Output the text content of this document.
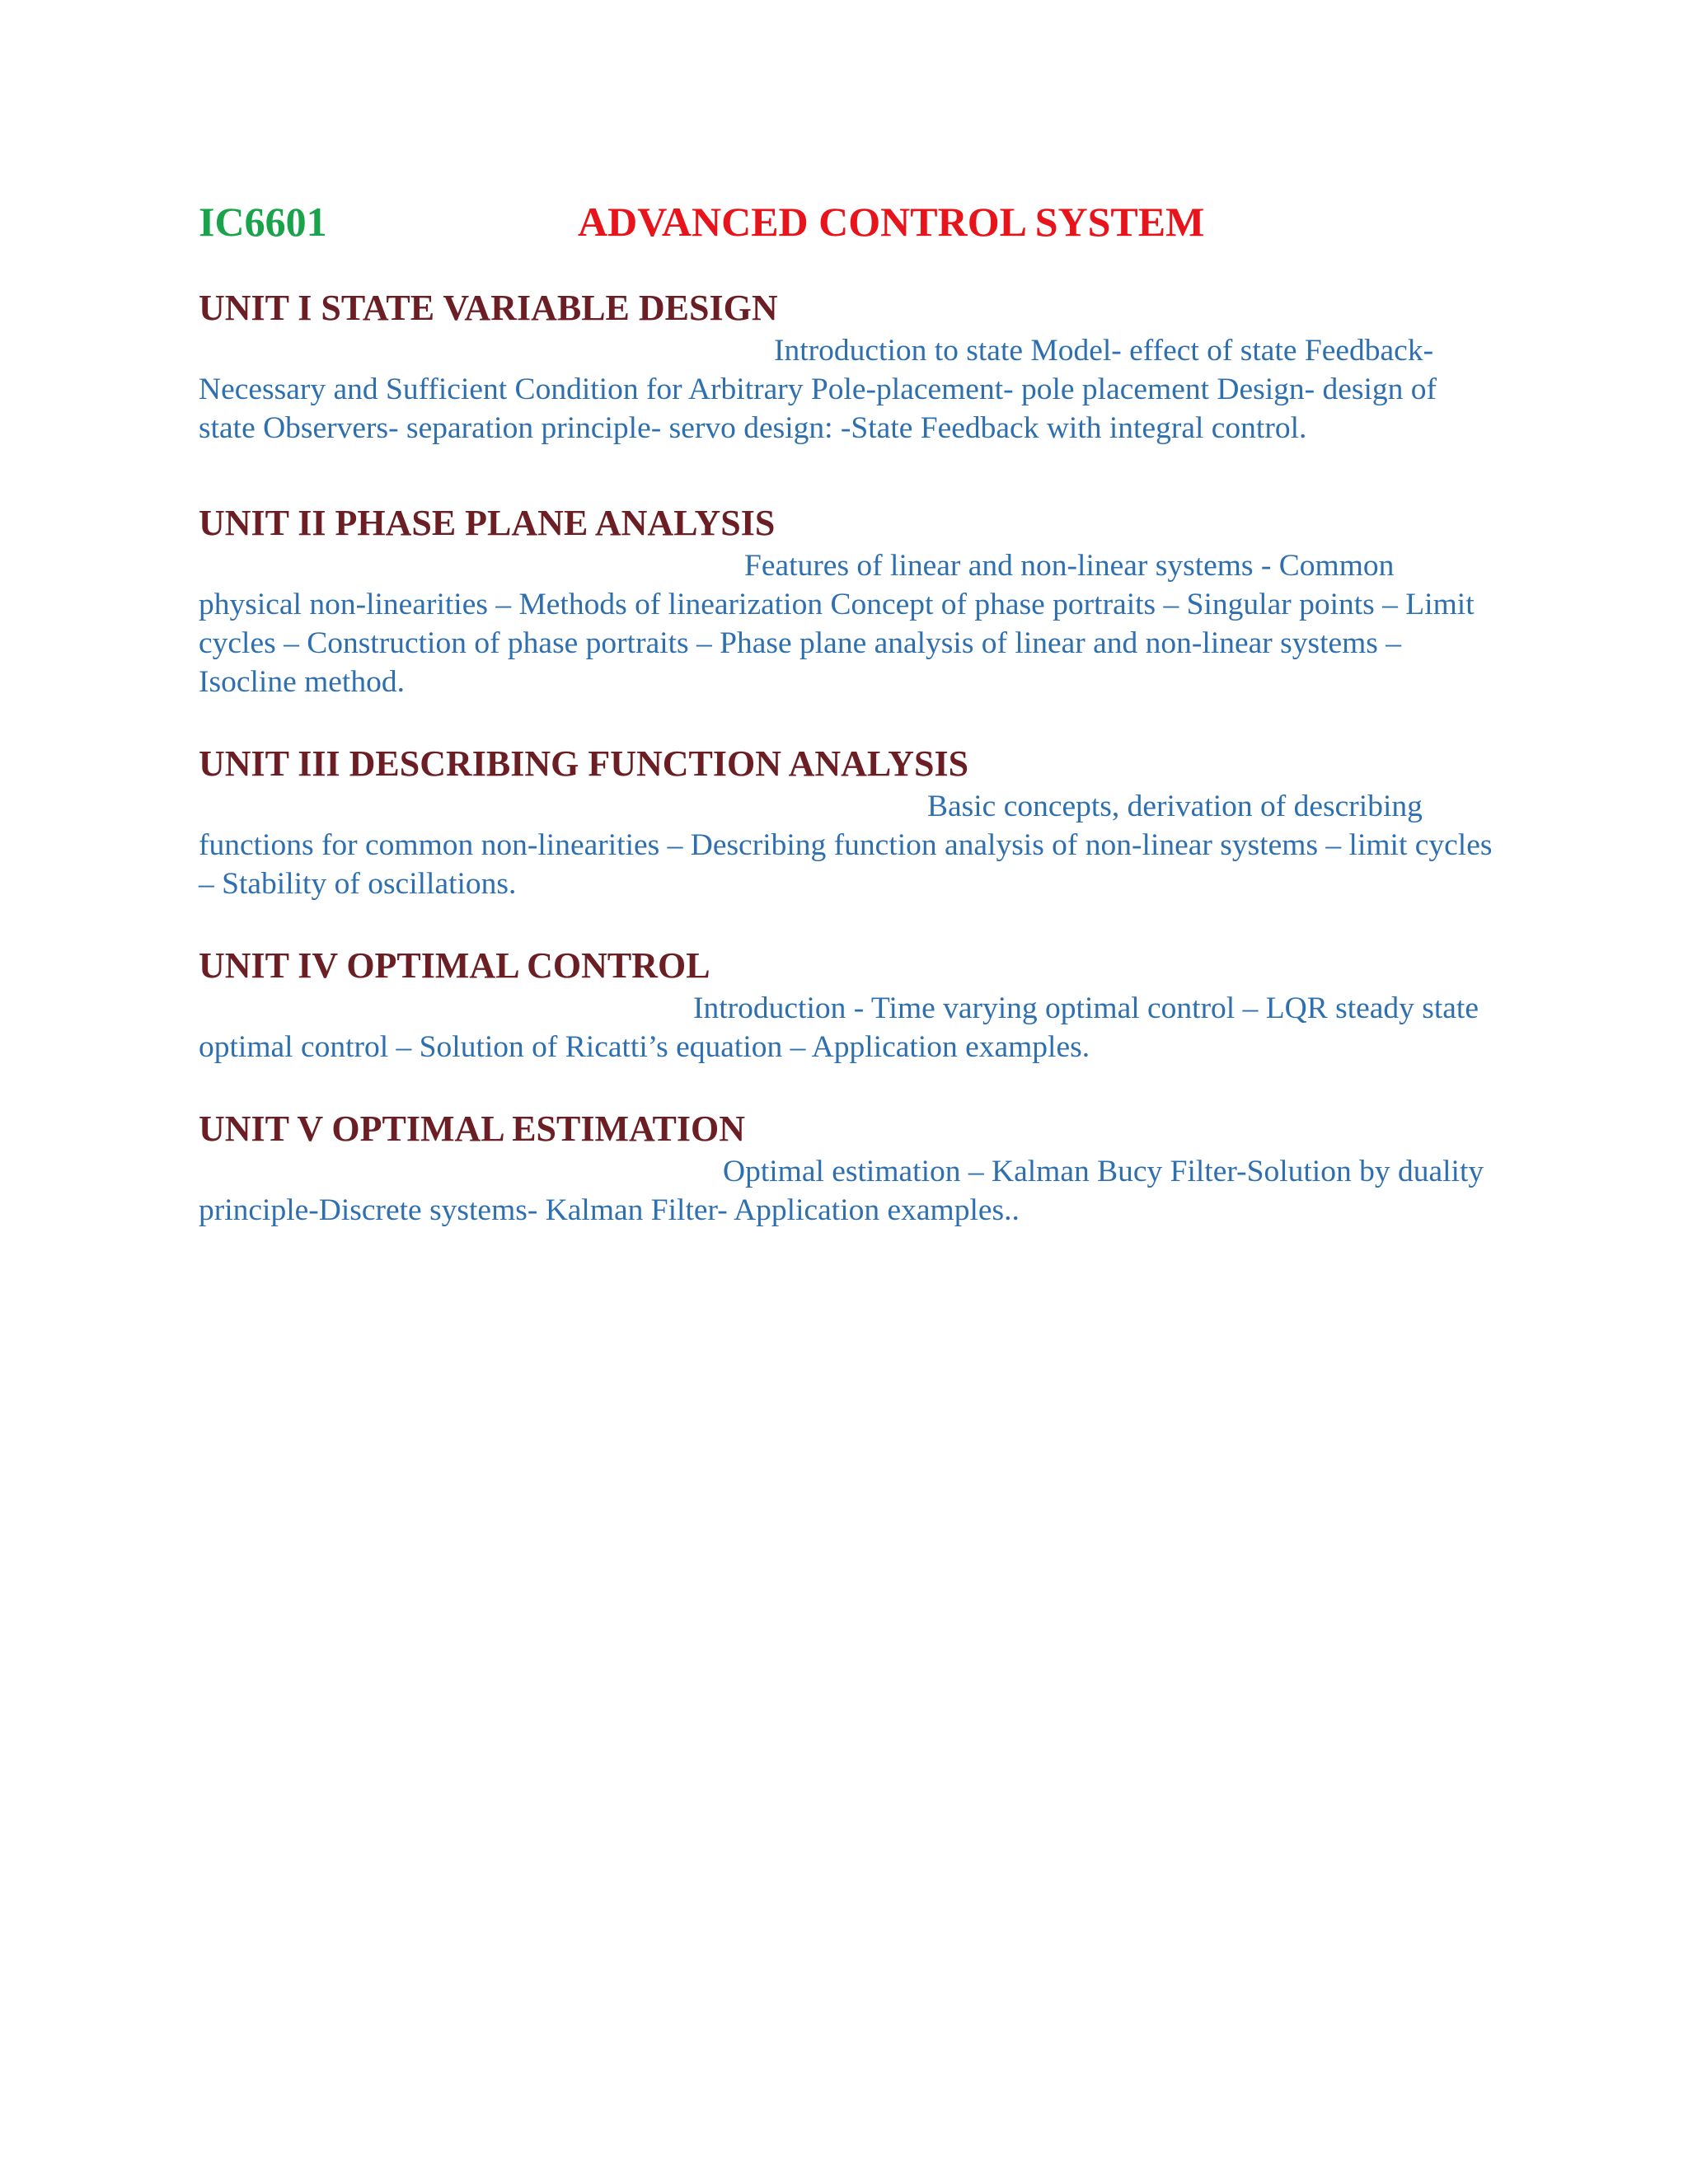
IC6601	ADVANCED CONTROL SYSTEM
UNIT I STATE VARIABLE DESIGN

Introduction to state Model- effect of state Feedback- Necessary and Sufficient Condition for Arbitrary Pole-placement- pole placement Design- design of state Observers- separation principle- servo design: -State Feedback with integral control.

UNIT II PHASE PLANE ANALYSIS

Features of linear and non-linear systems - Common physical non-linearities – Methods of linearization Concept of phase portraits – Singular points – Limit cycles – Construction of phase portraits – Phase plane analysis of linear and non-linear systems – Isocline method.

UNIT III DESCRIBING FUNCTION ANALYSIS

Basic concepts, derivation of describing functions for common non-linearities – Describing function analysis of non-linear systems – limit cycles – Stability of oscillations.

UNIT IV OPTIMAL CONTROL

Introduction - Time varying optimal control – LQR steady state optimal control – Solution of Ricatti’s equation – Application examples.

UNIT V OPTIMAL ESTIMATION

Optimal estimation – Kalman Bucy Filter-Solution by duality principle-Discrete systems- Kalman Filter- Application examples..
